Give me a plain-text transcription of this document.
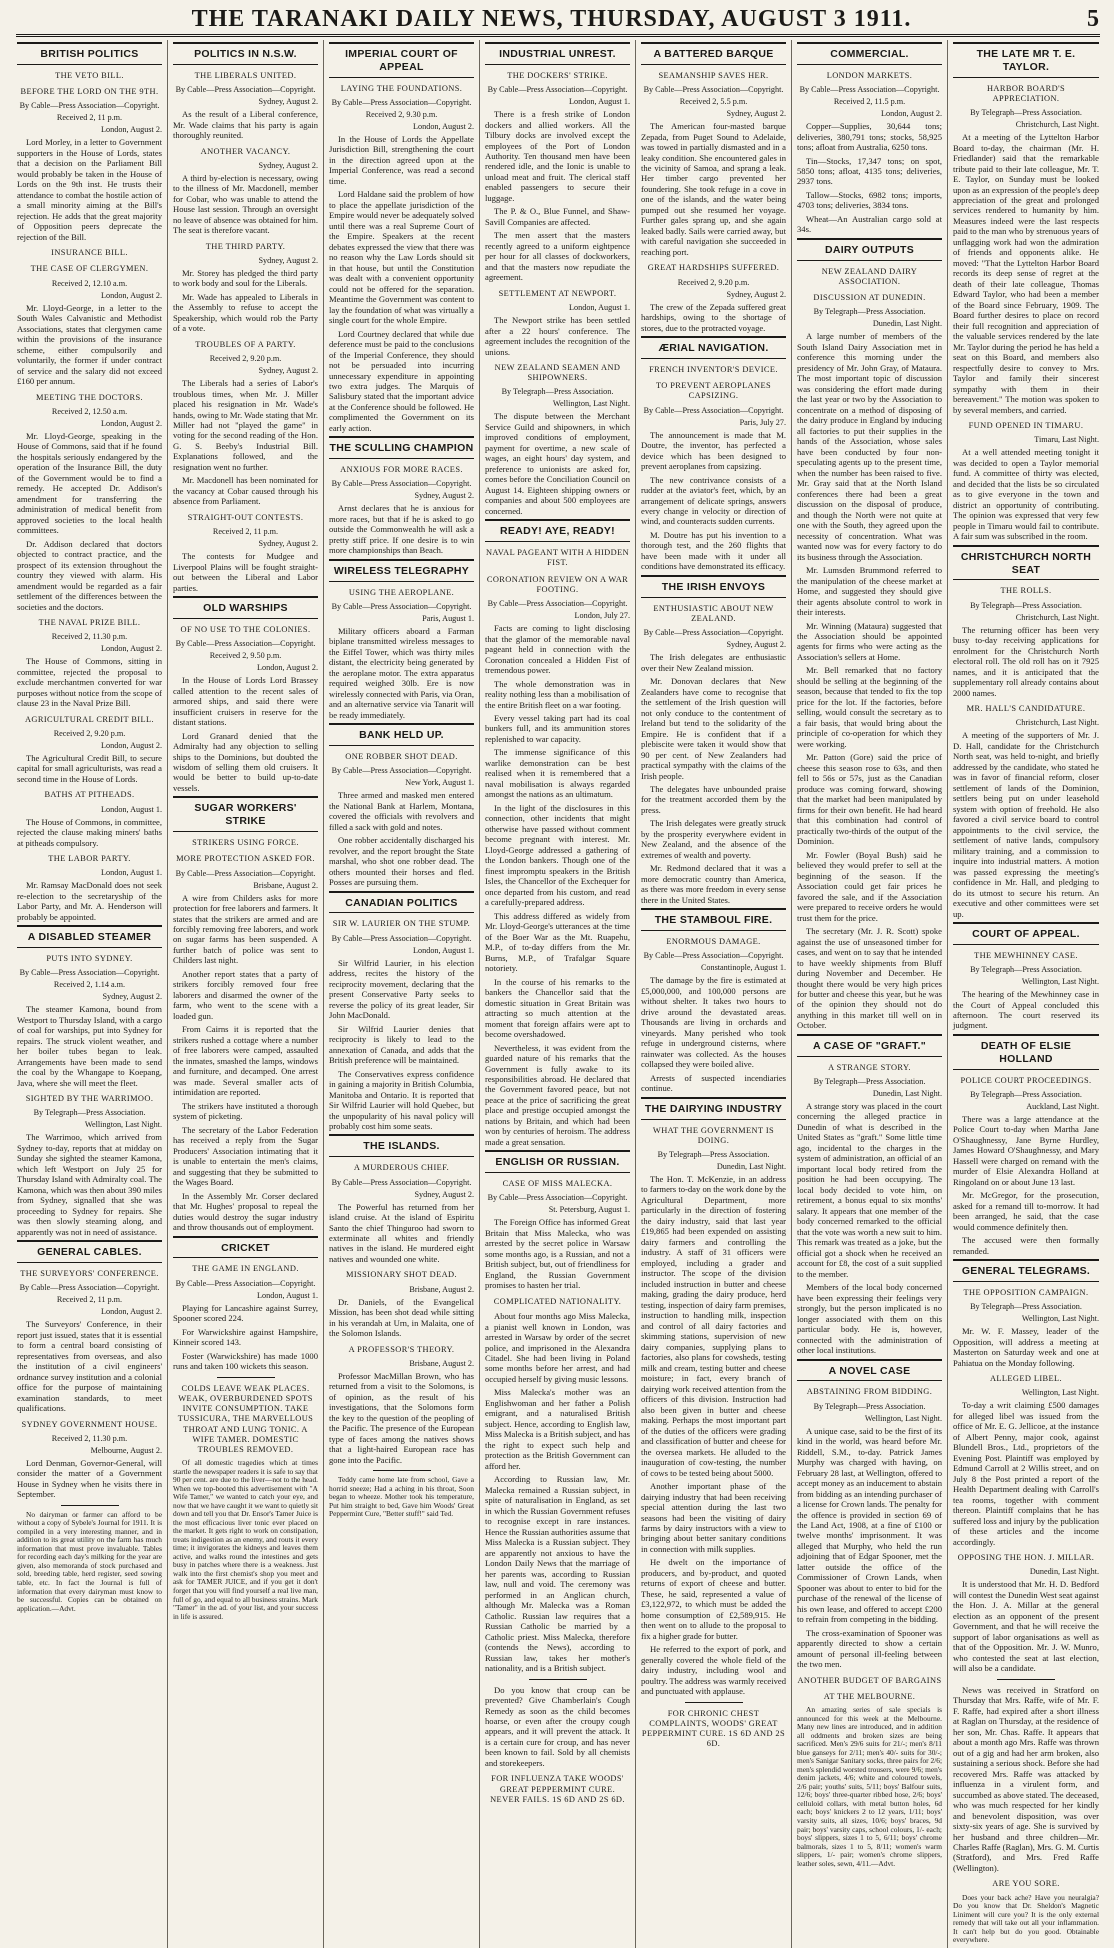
THE TARANAKI DAILY NEWS, THURSDAY, AUGUST 3 1911.	5
BRITISH POLITICS
THE VETO BILL.
BEFORE THE LORD ON THE 9TH.
By Cable—Press Association—Copyright.
Received 2, 11 p.m.
London, August 2.

Lord Morley, in a letter to Government supporters in the House of Lords, states that a decision on the Parliament Bill would probably be taken in the House of Lords on the 9th inst. He trusts their attendance to combat the hostile action of a small minority aiming at the Bill's rejection. He adds that the great majority of Opposition peers deprecate the rejection of the Bill.

INSURANCE BILL.
THE CASE OF CLERGYMEN.
Received 2, 12.10 a.m.
London, August 2.

Mr. Lloyd-George, in a letter to the South Wales Calvanistic and Methodist Associations, states that clergymen came within the provisions of the insurance scheme, either compulsorily and voluntarily, the former if under contract of service and the salary did not exceed £160 per annum.

MEETING THE DOCTORS.
Received 2, 12.50 a.m.
London, August 2.

Mr. Lloyd-George, speaking in the House of Commons, said that if he found the hospitals seriously endangered by the operation of the Insurance Bill, the duty of the Government would be to find a remedy. He accepted Dr. Addison's amendment for transferring the administration of medical benefit from approved societies to the local health committees.

Dr. Addison declared that doctors objected to contract practice, and the prospect of its extension throughout the country they viewed with alarm. His amendment would be regarded as a fair settlement of the differences between the societies and the doctors.

THE NAVAL PRIZE BILL.
Received 2, 11.30 p.m.
London, August 2.

The House of Commons, sitting in committee, rejected the proposal to exclude merchantmen converted for war purposes without notice from the scope of clause 23 in the Naval Prize Bill.

AGRICULTURAL CREDIT BILL.
Received 2, 9.20 p.m.
London, August 2.

The Agricultural Credit Bill, to secure capital for small agriculturists, was read a second time in the House of Lords.

BATHS AT PITHEADS.
London, August 1.

The House of Commons, in committee, rejected the clause making miners' baths at pitheads compulsory.

THE LABOR PARTY.
London, August 1.

Mr. Ramsay MacDonald does not seek re-election to the secretaryship of the Labor Party, and Mr. A. Henderson will probably be appointed.

A DISABLED STEAMER
PUTS INTO SYDNEY.
By Cable—Press Association—Copyright.
Received 2, 1.14 a.m.
Sydney, August 2.

The steamer Kamona, bound from Westport to Thursday Island, with a cargo of coal for warships, put into Sydney for repairs. The struck violent weather, and her boiler tubes began to leak. Arrangements have been made to send the coal by the Whangape to Koepang, Java, where she will meet the fleet.

SIGHTED BY THE WARRIMOO.
By Telegraph—Press Association.
Wellington, Last Night.

The Warrimoo, which arrived from Sydney to-day, reports that at midday on Sunday she sighted the steamer Kamona, which left Westport on July 25 for Thursday Island with Admiralty coal. The Kamona, which was then about 390 miles from Sydney, signalled that she was proceeding to Sydney for repairs. She was then slowly steaming along, and apparently was not in need of assistance.

GENERAL CABLES.
THE SURVEYORS' CONFERENCE.
By Cable—Press Association—Copyright.
Received 2, 11 p.m.
London, August 2.

The Surveyors' Conference, in their report just issued, states that it is essential to form a central board consisting of representatives from overseas, and also the institution of a civil engineers' ordnance survey institution and a colonial office for the purpose of maintaining examination standards, to meet qualifications.

SYDNEY GOVERNMENT HOUSE.
Received 2, 11.30 p.m.
Melbourne, August 2.

Lord Denman, Governor-General, will consider the matter of a Government House in Sydney when he visits there in September.

No dairyman or farmer can afford to be without a copy of Sybele's Journal for 1911. It is compiled in a very interesting manner, and in addition to its great utility on the farm has much information that must prove invaluable. Tables for recording each day's milking for the year are given, also memoranda of stock purchased and sold, breeding table, herd register, seed sowing table, etc. In fact the Journal is full of information that every dairyman must know to be successful. Copies can be obtained on application.—Advt.

POLITICS IN N.S.W.
THE LIBERALS UNITED.
By Cable—Press Association—Copyright.
Sydney, August 2.

As the result of a Liberal conference, Mr. Wade claims that his party is again thoroughly reunited.

ANOTHER VACANCY.
Sydney, August 2.

A third by-election is necessary, owing to the illness of Mr. Macdonell, member for Cobar, who was unable to attend the House last session. Through an oversight no leave of absence was obtained for him. The seat is therefore vacant.

THE THIRD PARTY.
Sydney, August 2.

Mr. Storey has pledged the third party to work body and soul for the Liberals.

Mr. Wade has appealed to Liberals in the Assembly to refuse to accept the Speakership, which would rob the Party of a vote.

TROUBLES OF A PARTY.
Received 2, 9.20 p.m.
Sydney, August 2.

The Liberals had a series of Labor's troublous times, when Mr. J. Miller placed his resignation in Mr. Wade's hands, owing to Mr. Wade stating that Mr. Miller had not "played the game" in voting for the second reading of the Hon. G. S. Beeby's Industrial Bill. Explanations followed, and the resignation went no further.

Mr. Macdonell has been nominated for the vacancy at Cobar caused through his absence from Parliament.

STRAIGHT-OUT CONTESTS.
Received 2, 11 p.m.
Sydney, August 2.

The contests for Mudgee and Liverpool Plains will be fought straight-out between the Liberal and Labor parties.

OLD WARSHIPS
OF NO USE TO THE COLONIES.
By Cable—Press Association—Copyright.
Received 2, 9.50 p.m.
London, August 2.

In the House of Lords Lord Brassey called attention to the recent sales of armored ships, and said there were insufficient cruisers in reserve for the distant stations.

Lord Granard denied that the Admiralty had any objection to selling ships to the Dominions, but doubted the wisdom of selling them old cruisers. It would be better to build up-to-date vessels.

SUGAR WORKERS' STRIKE
STRIKERS USING FORCE.
MORE PROTECTION ASKED FOR.
By Cable—Press Association—Copyright.
Brisbane, August 2.

A wire from Childers asks for more protection for free laborers and farmers. It states that the strikers are armed and are forcibly removing free laborers, and work on sugar farms has been suspended. A further batch of police was sent to Childers last night.

Another report states that a party of strikers forcibly removed four free laborers and disarmed the owner of the farm, who went to the scene with a loaded gun.

From Cairns it is reported that the strikers rushed a cottage where a number of free laborers were camped, assaulted the inmates, smashed the lamps, windows and furniture, and decamped. One arrest was made. Several smaller acts of intimidation are reported.

The strikers have instituted a thorough system of picketing.

The secretary of the Labor Federation has received a reply from the Sugar Producers' Association intimating that it is unable to entertain the men's claims, and suggesting that they be submitted to the Wages Board.

In the Assembly Mr. Corser declared that Mr. Hughes' proposal to repeal the duties would destroy the sugar industry and throw thousands out of employment.

CRICKET
THE GAME IN ENGLAND.
By Cable—Press Association—Copyright.
London, August 1.

Playing for Lancashire against Surrey, Spooner scored 224.

For Warwickshire against Hampshire, Kinneir scored 143.

Foster (Warwickshire) has made 1000 runs and taken 100 wickets this season.

COLDS LEAVE WEAK PLACES. WEAK, OVERBURDENED SPOTS INVITE CONSUMPTION. TAKE TUSSICURA, THE MARVELLOUS THROAT AND LUNG TONIC. A WIFE TAMER. DOMESTIC TROUBLES REMOVED.

Of all domestic tragedies which at times startle the newspaper readers it is safe to say that 90 per cent. are due to the liver—not to the head. When we top-booted this advertisement with "A Wife Tamer," we wanted to catch your eye, and now that we have caught it we want to quietly sit down and tell you that Dr. Ensor's Tamer Juice is the most efficacious liver tonic ever placed on the market. It gets right to work on constipation, treats indigestion as an enemy, and routs it every time; it invigorates the kidneys and leaves them active, and walks round the intestines and gets busy in patches where there is a weakness. Just walk into the first chemist's shop you meet and ask for TAMER JUICE, and if you get it don't forget that you will find yourself a real live man, full of go, and equal to all business strains. Mark "Tamer" in the ad. of your list, and your success in life is assured.

IMPERIAL COURT OF APPEAL
LAYING THE FOUNDATIONS.
By Cable—Press Association—Copyright.
Received 2, 9.30 p.m.
London, August 2.

In the House of Lords the Appellate Jurisdiction Bill, strengthening the court in the direction agreed upon at the Imperial Conference, was read a second time.

Lord Haldane said the problem of how to place the appellate jurisdiction of the Empire would never be adequately solved until there was a real Supreme Court of the Empire. Speakers at the recent debates expressed the view that there was no reason why the Law Lords should sit in that house, but until the Constitution was dealt with a convenient opportunity could not be offered for the separation. Meantime the Government was content to lay the foundation of what was virtually a single court for the whole Empire.

Lord Courtney declared that while due deference must be paid to the conclusions of the Imperial Conference, they should not be persuaded into incurring unnecessary expenditure in appointing two extra judges. The Marquis of Salisbury stated that the important advice at the Conference should be followed. He complimented the Government on its early action.

THE SCULLING CHAMPION
ANXIOUS FOR MORE RACES.
By Cable—Press Association—Copyright.
Sydney, August 2.

Arnst declares that he is anxious for more races, but that if he is asked to go outside the Commonwealth he will ask a pretty stiff price. If one desire is to win more championships than Beach.

WIRELESS TELEGRAPHY
USING THE AEROPLANE.
By Cable—Press Association—Copyright.
Paris, August 1.

Military officers aboard a Farman biplane transmitted wireless messages to the Eiffel Tower, which was thirty miles distant, the electricity being generated by the aeroplane motor. The extra apparatus required weighed 30lb. Ere is now wirelessly connected with Paris, via Oran, and an alternative service via Tanarit will be ready immediately.

BANK HELD UP.
ONE ROBBER SHOT DEAD.
By Cable—Press Association—Copyright.
New York, August 1.

Three armed and masked men entered the National Bank at Harlem, Montana, covered the officials with revolvers and filled a sack with gold and notes.

One robber accidentally discharged his revolver, and the report brought the State marshal, who shot one robber dead. The others mounted their horses and fled. Posses are pursuing them.

CANADIAN POLITICS
SIR W. LAURIER ON THE STUMP.
By Cable—Press Association—Copyright.
London, August 1.

Sir Wilfrid Laurier, in his election address, recites the history of the reciprocity movement, declaring that the present Conservative Party seeks to reverse the policy of its great leader, Sir John MacDonald.

Sir Wilfrid Laurier denies that reciprocity is likely to lead to the annexation of Canada, and adds that the British preference will be maintained.

The Conservatives express confidence in gaining a majority in British Columbia, Manitoba and Ontario. It is reported that Sir Wilfrid Laurier will hold Quebec, but the unpopularity of his naval policy will probably cost him some seats.

THE ISLANDS.
A MURDEROUS CHIEF.
By Cable—Press Association—Copyright.
Sydney, August 2.

The Powerful has returned from her island cruise. At the island of Espiritu Santo the chief Thinguroo had sworn to exterminate all whites and friendly natives in the island. He murdered eight natives and wounded one white.

MISSIONARY SHOT DEAD.
Brisbane, August 2.

Dr. Daniels, of the Evangelical Mission, has been shot dead while sitting in his verandah at Urn, in Malaita, one of the Solomon Islands.

A PROFESSOR'S THEORY.
Brisbane, August 2.

Professor MacMillan Brown, who has returned from a visit to the Solomons, is of opinion, as the result of his investigations, that the Solomons form the key to the question of the peopling of the Pacific. The presence of the European type of faces among the natives shows that a light-haired European race has gone into the Pacific.

Teddy came home late from school, Gave a horrid sneeze; Had a aching in his throat, Soon began to wheeze. Mother took his temperature, Put him straight to bed, Gave him Woods' Great Peppermint Cure, "Better stuff!" said Ted.

INDUSTRIAL UNREST.
THE DOCKERS' STRIKE.
By Cable—Press Association—Copyright.
London, August 1.

There is a fresh strike of London dockers and allied workers. All the Tilbury docks are involved except the employees of the Port of London Authority. Ten thousand men have been rendered idle, and the Ionic is unable to unload meat and fruit. The clerical staff enabled passengers to secure their luggage.

The P. & O., Blue Funnel, and Shaw-Savill Companies are affected.

The men assert that the masters recently agreed to a uniform eightpence per hour for all classes of dockworkers, and that the masters now repudiate the agreement.

SETTLEMENT AT NEWPORT.
London, August 1.

The Newport strike has been settled after a 22 hours' conference. The agreement includes the recognition of the unions.

NEW ZEALAND SEAMEN AND SHIPOWNERS.
By Telegraph—Press Association.
Wellington, Last Night.

The dispute between the Merchant Service Guild and shipowners, in which improved conditions of employment, payment for overtime, a new scale of wages, an eight hours' day system, and preference to unionists are asked for, comes before the Conciliation Council on August 14. Eighteen shipping owners or companies and about 500 employees are concerned.

READY! AYE, READY!
NAVAL PAGEANT WITH A HIDDEN FIST.
CORONATION REVIEW ON A WAR FOOTING.
By Cable—Press Association—Copyright.
London, July 27.

Facts are coming to light disclosing that the glamor of the memorable naval pageant held in connection with the Coronation concealed a Hidden Fist of tremendous power.

The whole demonstration was in reality nothing less than a mobilisation of the entire British fleet on a war footing.

Every vessel taking part had its coal bunkers full, and its ammunition stores replenished to war capacity.

The immense significance of this warlike demonstration can be best realised when it is remembered that a naval mobilisation is always regarded amongst the nations as an ultimatum.

In the light of the disclosures in this connection, other incidents that might otherwise have passed without comment become pregnant with interest. Mr. Lloyd-George addressed a gathering of the London bankers. Though one of the finest impromptu speakers in the British Isles, the Chancellor of the Exchequer for once departed from his custom, and read a carefully-prepared address.

This address differed as widely from Mr. Lloyd-George's utterances at the time of the Boer War as the Mt. Ruapehu, M.P., of to-day differs from the Mr. Burns, M.P., of Trafalgar Square notoriety.

In the course of his remarks to the bankers the Chancellor said that the domestic situation in Great Britain was attracting so much attention at the moment that foreign affairs were apt to become overshadowed.

Nevertheless, it was evident from the guarded nature of his remarks that the Government is fully awake to its responsibilities abroad. He declared that the Government favored peace, but not peace at the price of sacrificing the great place and prestige occupied amongst the nations by Britain, and which had been won by centuries of heroism. The address made a great sensation.

ENGLISH OR RUSSIAN.
CASE OF MISS MALECKA.
By Cable—Press Association—Copyright.
St. Petersburg, August 1.

The Foreign Office has informed Great Britain that Miss Malecka, who was arrested by the secret police in Warsaw some months ago, is a Russian, and not a British subject, but, out of friendliness for England, the Russian Government promises to hasten her trial.

COMPLICATED NATIONALITY.

About four months ago Miss Malecka, a pianist well known in London, was arrested in Warsaw by order of the secret police, and imprisoned in the Alexandra Citadel. She had been living in Poland some months before her arrest, and had occupied herself by giving music lessons.

Miss Malecka's mother was an Englishwoman and her father a Polish emigrant, and a naturalised British subject. Hence, according to English law, Miss Malecka is a British subject, and has the right to expect such help and protection as the British Government can afford her.

According to Russian law, Mr. Malecka remained a Russian subject, in spite of naturalisation in England, as set in which the Russian Government refuses to recognise except in rare instances. Hence the Russian authorities assume that Miss Malecka is a Russian subject. They are apparently not anxious to have the London Daily News that the marriage of her parents was, according to Russian law, null and void. The ceremony was performed in an Anglican church, although Mr. Malecka was a Roman Catholic. Russian law requires that a Russian Catholic be married by a Catholic priest. Miss Malecka, therefore (contends the News), according to Russian law, takes her mother's nationality, and is a British subject.

Do you know that croup can be prevented? Give Chamberlain's Cough Remedy as soon as the child becomes hoarse, or even after the croupy cough appears, and it will prevent the attack. It is a certain cure for croup, and has never been known to fail. Sold by all chemists and storekeepers.

FOR INFLUENZA TAKE WOODS' GREAT PEPPERMINT CURE. NEVER FAILS. 1S 6D AND 2S 6D.
A BATTERED BARQUE
SEAMANSHIP SAVES HER.
By Cable—Press Association—Copyright.
Received 2, 5.5 p.m.
Sydney, August 2.

The American four-masted barque Zepada, from Puget Sound to Adelaide, was towed in partially dismasted and in a leaky condition. She encountered gales in the vicinity of Samoa, and sprang a leak. Her timber cargo prevented her foundering. She took refuge in a cove in one of the islands, and the water being pumped out she resumed her voyage. Further gales sprang up, and she again leaked badly. Sails were carried away, but with careful navigation she succeeded in reaching port.

GREAT HARDSHIPS SUFFERED.
Received 2, 9.20 p.m.
Sydney, August 2.

The crew of the Zepada suffered great hardships, owing to the shortage of stores, due to the protracted voyage.

ÆRIAL NAVIGATION.
FRENCH INVENTOR'S DEVICE.
TO PREVENT AEROPLANES CAPSIZING.
By Cable—Press Association—Copyright.
Paris, July 27.

The announcement is made that M. Doutre, the inventor, has perfected a device which has been designed to prevent aeroplanes from capsizing.

The new contrivance consists of a rudder at the aviator's feet, which, by an arrangement of delicate springs, answers every change in velocity or direction of wind, and counteracts sudden currents.

M. Doutre has put his invention to a thorough test, and the 260 flights that have been made with it under all conditions have demonstrated its efficacy.

THE IRISH ENVOYS
ENTHUSIASTIC ABOUT NEW ZEALAND.
By Cable—Press Association—Copyright.
Sydney, August 2.

The Irish delegates are enthusiastic over their New Zealand mission.

Mr. Donovan declares that New Zealanders have come to recognise that the settlement of the Irish question will not only conduce to the contentment of Ireland but tend to the solidarity of the Empire. He is confident that if a plebiscite were taken it would show that 90 per cent. of New Zealanders had practical sympathy with the claims of the Irish people.

The delegates have unbounded praise for the treatment accorded them by the press.

The Irish delegates were greatly struck by the prosperity everywhere evident in New Zealand, and the absence of the extremes of wealth and poverty.

Mr. Redmond declared that it was a more democratic country than America, as there was more freedom in every sense there in the United States.

THE STAMBOUL FIRE.
ENORMOUS DAMAGE.
By Cable—Press Association—Copyright.
Constantinople, August 1.

The damage by the fire is estimated at £5,000,000, and 100,000 persons are without shelter. It takes two hours to drive around the devastated areas. Thousands are living in orchards and vineyards. Many perished who took refuge in underground cisterns, where rainwater was collected. As the houses collapsed they were boiled alive.

Arrests of suspected incendiaries continue.

THE DAIRYING INDUSTRY
WHAT THE GOVERNMENT IS DOING.
By Telegraph—Press Association.
Dunedin, Last Night.

The Hon. T. McKenzie, in an address to farmers to-day on the work done by the Agricultural Department, more particularly in the direction of fostering the dairy industry, said that last year £19,865 had been expended on assisting dairy farmers and controlling the industry. A staff of 31 officers were employed, including a grader and instructor. The scope of the division included instruction in butter and cheese making, grading the dairy produce, herd testing, inspection of dairy farm premises, instruction to handling milk, inspection and control of all dairy factories and skimming stations, supervision of new dairy companies, supplying plans to factories, also plans for cowsheds, testing milk and cream, testing butter and cheese moisture; in fact, every branch of dairying work received attention from the officers of this division. Instruction had also been given in butter and cheese making. Perhaps the most important part of the duties of the officers were grading and classification of butter and cheese for the oversea markets. He alluded to the inauguration of cow-testing, the number of cows to be tested being about 5000.

Another important phase of the dairying industry that had been receiving special attention during the last two seasons had been the visiting of dairy farms by dairy instructors with a view to bringing about better sanitary conditions in connection with milk supplies.

He dwelt on the importance of producers, and by-product, and quoted returns of export of cheese and butter. These, he said, represented a value of £3,122,972, to which must be added the home consumption of £2,589,915. He then went on to allude to the proposal to fix a higher grade for butter.

He referred to the export of pork, and generally covered the whole field of the dairy industry, including wool and poultry. The address was warmly received and punctuated with applause.

FOR CHRONIC CHEST COMPLAINTS, WOODS' GREAT PEPPERMINT CURE. 1S 6D AND 2S 6D.
COMMERCIAL.
LONDON MARKETS.
By Cable—Press Association—Copyright.
Received 2, 11.5 p.m.
London, August 2.

Copper—Supplies, 30,644 tons; deliveries, 380,791 tons; stocks, 58,925 tons; afloat from Australia, 6250 tons.

Tin—Stocks, 17,347 tons; on spot, 5850 tons; afloat, 4135 tons; deliveries, 2937 tons.

Tallow—Stocks, 6982 tons; imports, 4703 tons; deliveries, 3834 tons.

Wheat—An Australian cargo sold at 34s.

DAIRY OUTPUTS
NEW ZEALAND DAIRY ASSOCIATION.
DISCUSSION AT DUNEDIN.
By Telegraph—Press Association.
Dunedin, Last Night.

A large number of members of the South Island Dairy Association met in conference this morning under the presidency of Mr. John Gray, of Mataura. The most important topic of discussion was considering the effort made during the last year or two by the Association to concentrate on a method of disposing of the dairy produce in England by inducing all factories to put their supplies in the hands of the Association, whose sales have been conducted by four non-speculating agents up to the present time, when the number has been raised to five. Mr. Gray said that at the North Island conferences there had been a great discussion on the disposal of produce, and though the North were not quite at one with the South, they agreed upon the necessity of concentration. What was wanted now was for every factory to do its business through the Association.

Mr. Lumsden Brummond referred to the manipulation of the cheese market at Home, and suggested they should give their agents absolute control to work in their interests.

Mr. Winning (Mataura) suggested that the Association should be appointed agents for firms who were acting as the Association's sellers at Home.

Mr. Bell remarked that no factory should be selling at the beginning of the season, because that tended to fix the top price for the lot. If the factories, before selling, would consult the secretary as to a fair basis, that would bring about the principle of co-operation for which they were working.

Mr. Patton (Gore) said the price of cheese this season rose to 63s, and then fell to 56s or 57s, just as the Canadian produce was coming forward, showing that the market had been manipulated by firms for their own benefit. He had heard that this combination had control of practically two-thirds of the output of the Dominion.

Mr. Fowler (Boyal Bush) said he believed they would prefer to sell at the beginning of the season. If the Association could get fair prices he favored the sale, and if the Association were prepared to receive orders he would trust them for the price.

The secretary (Mr. J. R. Scott) spoke against the use of unseasoned timber for cases, and went on to say that he intended to have weekly shipments from Bluff during November and December. He thought there would be very high prices for butter and cheese this year, but he was of the opinion they should not do anything in this market till well on in October.

A CASE OF "GRAFT."
A STRANGE STORY.
By Telegraph—Press Association.
Dunedin, Last Night.

A strange story was placed in the court concerning the alleged practice in Dunedin of what is described in the United States as "graft." Some little time ago, incidental to the charges in the system of administration, an official of an important local body retired from the position he had been occupying. The local body decided to vote him, on retirement, a bonus equal to six months' salary. It appears that one member of the body concerned remarked to the official that the vote was worth a new suit to him. This remark was treated as a joke, but the official got a shock when he received an account for £8, the cost of a suit supplied to the member.

Members of the local body concerned have been expressing their feelings very strongly, but the person implicated is no longer associated with them on this particular body. He is, however, connected with the administration of other local institutions.

A NOVEL CASE
ABSTAINING FROM BIDDING.
By Telegraph—Press Association.
Wellington, Last Night.

A unique case, said to be the first of its kind in the world, was heard before Mr. Riddell, S.M., to-day. Patrick James Murphy was charged with having, on February 28 last, at Wellington, offered to accept money as an inducement to abstain from bidding as an intending purchaser of a license for Crown lands. The penalty for the offence is provided in section 69 of the Land Act, 1908, at a fine of £100 or twelve months' imprisonment. It was alleged that Murphy, who held the run adjoining that of Edgar Spooner, met the latter outside the office of the Commissioner of Crown Lands, when Spooner was about to enter to bid for the purchase of the renewal of the license of his own lease, and offered to accept £200 to refrain from competing in the bidding.

The cross-examination of Spooner was apparently directed to show a certain amount of personal ill-feeling between the two men.

ANOTHER BUDGET OF BARGAINS
AT THE MELBOURNE.

An amazing series of sale specials is announced for this week at the Melbourne. Many new lines are introduced, and in addition all oddments and broken sizes are being sacrificed. Men's 29/6 suits for 21/-; men's 8/11 blue ganseys for 2/11; men's 40/- suits for 30/-; men's Sanigar Sanitary socks, three pairs for 2/6; men's splendid worsted trousers, were 9/6; men's denim jackets, 4/6; white and coloured towels, 2/6 pair; youths' suits, 5/11; boys' Balfour suits, 12/6; boys' three-quarter ribbed hose, 2/6; boys' celluloid collars, with metal button holes, 6d each; boys' knickers 2 to 12 years, 1/11; boys' varsity suits, all sizes, 10/6; boys' braces, 9d pair; boys' varsity caps, school colours, 1/- each; boys' slippers, sizes 1 to 5, 6/11; boys' chrome balmorals, sizes 1 to 5, 8/11; women's warm slippers, 1/- pair; women's chrome slippers, leather soles, sewn, 4/11.—Advt.

THE LATE MR T. E. TAYLOR.
HARBOR BOARD'S APPRECIATION.
By Telegraph—Press Association.
Christchurch, Last Night.

At a meeting of the Lyttelton Harbor Board to-day, the chairman (Mr. H. Friedlander) said that the remarkable tribute paid to their late colleague, Mr. T. E. Taylor, on Sunday must be looked upon as an expression of the people's deep appreciation of the great and prolonged services rendered to humanity by him. Measures indeed were the last respects paid to the man who by strenuous years of unflagging work had won the admiration of friends and opponents alike. He moved: "That the Lyttelton Harbor Board records its deep sense of regret at the death of their late colleague, Thomas Edward Taylor, who had been a member of the Board since February, 1909. The Board further desires to place on record their full recognition and appreciation of the valuable services rendered by the late Mr. Taylor during the period he has held a seat on this Board, and members also respectfully desire to convey to Mrs. Taylor and family their sincerest sympathy with them in their bereavement." The motion was spoken to by several members, and carried.

FUND OPENED IN TIMARU.
Timaru, Last Night.

At a well attended meeting tonight it was decided to open a Taylor memorial fund. A committee of thirty was elected, and decided that the lists be so circulated as to give everyone in the town and district an opportunity of contributing. The opinion was expressed that very few people in Timaru would fail to contribute. A fair sum was subscribed in the room.

CHRISTCHURCH NORTH SEAT
THE ROLLS.
By Telegraph—Press Association.
Christchurch, Last Night.

The returning officer has been very busy to-day receiving applications for enrolment for the Christchurch North electoral roll. The old roll has on it 7925 names, and it is anticipated that the supplementary roll already contains about 2000 names.

MR. HALL'S CANDIDATURE.
Christchurch, Last Night.

A meeting of the supporters of Mr. J. D. Hall, candidate for the Christchurch North seat, was held to-night, and briefly addressed by the candidate, who stated he was in favor of financial reform, closer settlement of lands of the Dominion, settlers being put on under leasehold system with option of freehold. He also favored a civil service board to control appointments to the civil service, the settlement of native lands, compulsory military training, and a commission to inquire into industrial matters. A motion was passed expressing the meeting's confidence in Mr. Hall, and pledging to do its utmost to secure his return. An executive and other committees were set up.

COURT OF APPEAL.
THE MEWHINNEY CASE.
By Telegraph—Press Association.
Wellington, Last Night.

The hearing of the Mewhinney case in the Court of Appeal concluded this afternoon. The court reserved its judgment.

DEATH OF ELSIE HOLLAND
POLICE COURT PROCEEDINGS.
By Telegraph—Press Association.
Auckland, Last Night.

There was a large attendance at the Police Court to-day when Martha Jane O'Shaughnessy, Jane Byrne Hurdley, James Howard O'Shaughnessy, and Mary Hassell were charged on remand with the murder of Elsie Alexandra Holland at Ringoland on or about June 13 last.

Mr. McGregor, for the prosecution, asked for a remand till to-morrow. It had been arranged, he said, that the case would commence definitely then.

The accused were then formally remanded.

GENERAL TELEGRAMS.
THE OPPOSITION CAMPAIGN.
By Telegraph—Press Association.
Wellington, Last Night.

Mr. W. F. Massey, leader of the Opposition, will address a meeting at Masterton on Saturday week and one at Pahiatua on the Monday following.

ALLEGED LIBEL.
Wellington, Last Night.

To-day a writ claiming £500 damages for alleged libel was issued from the office of Mr. E. G. Jellicoe, at the instance of Albert Penny, major cook, against Blundell Bros., Ltd., proprietors of the Evening Post. Plaintiff was employed by Edmund Carroll at 2 Willis street, and on July 8 the Post printed a report of the Health Department dealing with Carroll's tea rooms, together with comment thereon. Plaintiff complains that he has suffered loss and injury by the publication of these articles and the income accordingly.

OPPOSING THE HON. J. MILLAR.
Dunedin, Last Night.

It is understood that Mr. H. D. Bedford will contest the Dunedin West seat against the Hon. J. A. Millar at the general election as an opponent of the present Government, and that he will receive the support of labor organisations as well as that of the Opposition. Mr. J. W. Munro, who contested the seat at last election, will also be a candidate.

News was received in Stratford on Thursday that Mrs. Raffe, wife of Mr. F. F. Raffe, had expired after a short illness at Raglan on Thursday, at the residence of her son, Mr. Chas. Raffe. It appears that about a month ago Mrs. Raffe was thrown out of a gig and had her arm broken, also sustaining a serious shock. Before she had recovered Mrs. Raffe was attacked by influenza in a virulent form, and succumbed as above stated. The deceased, who was much respected for her kindly and benevolent disposition, was over sixty-six years of age. She is survived by her husband and three children—Mr. Charles Raffe (Raglan), Mrs. G. M. Curtis (Stratford), and Mrs. Fred Raffe (Wellington).

ARE YOU SORE.

Does your back ache? Have you neuralgia? Do you know that Dr. Sheldon's Magnetic Liniment will cure you? It is the only external remedy that will take out all your inflammation. It can't help but do you good. Obtainable everywhere.
